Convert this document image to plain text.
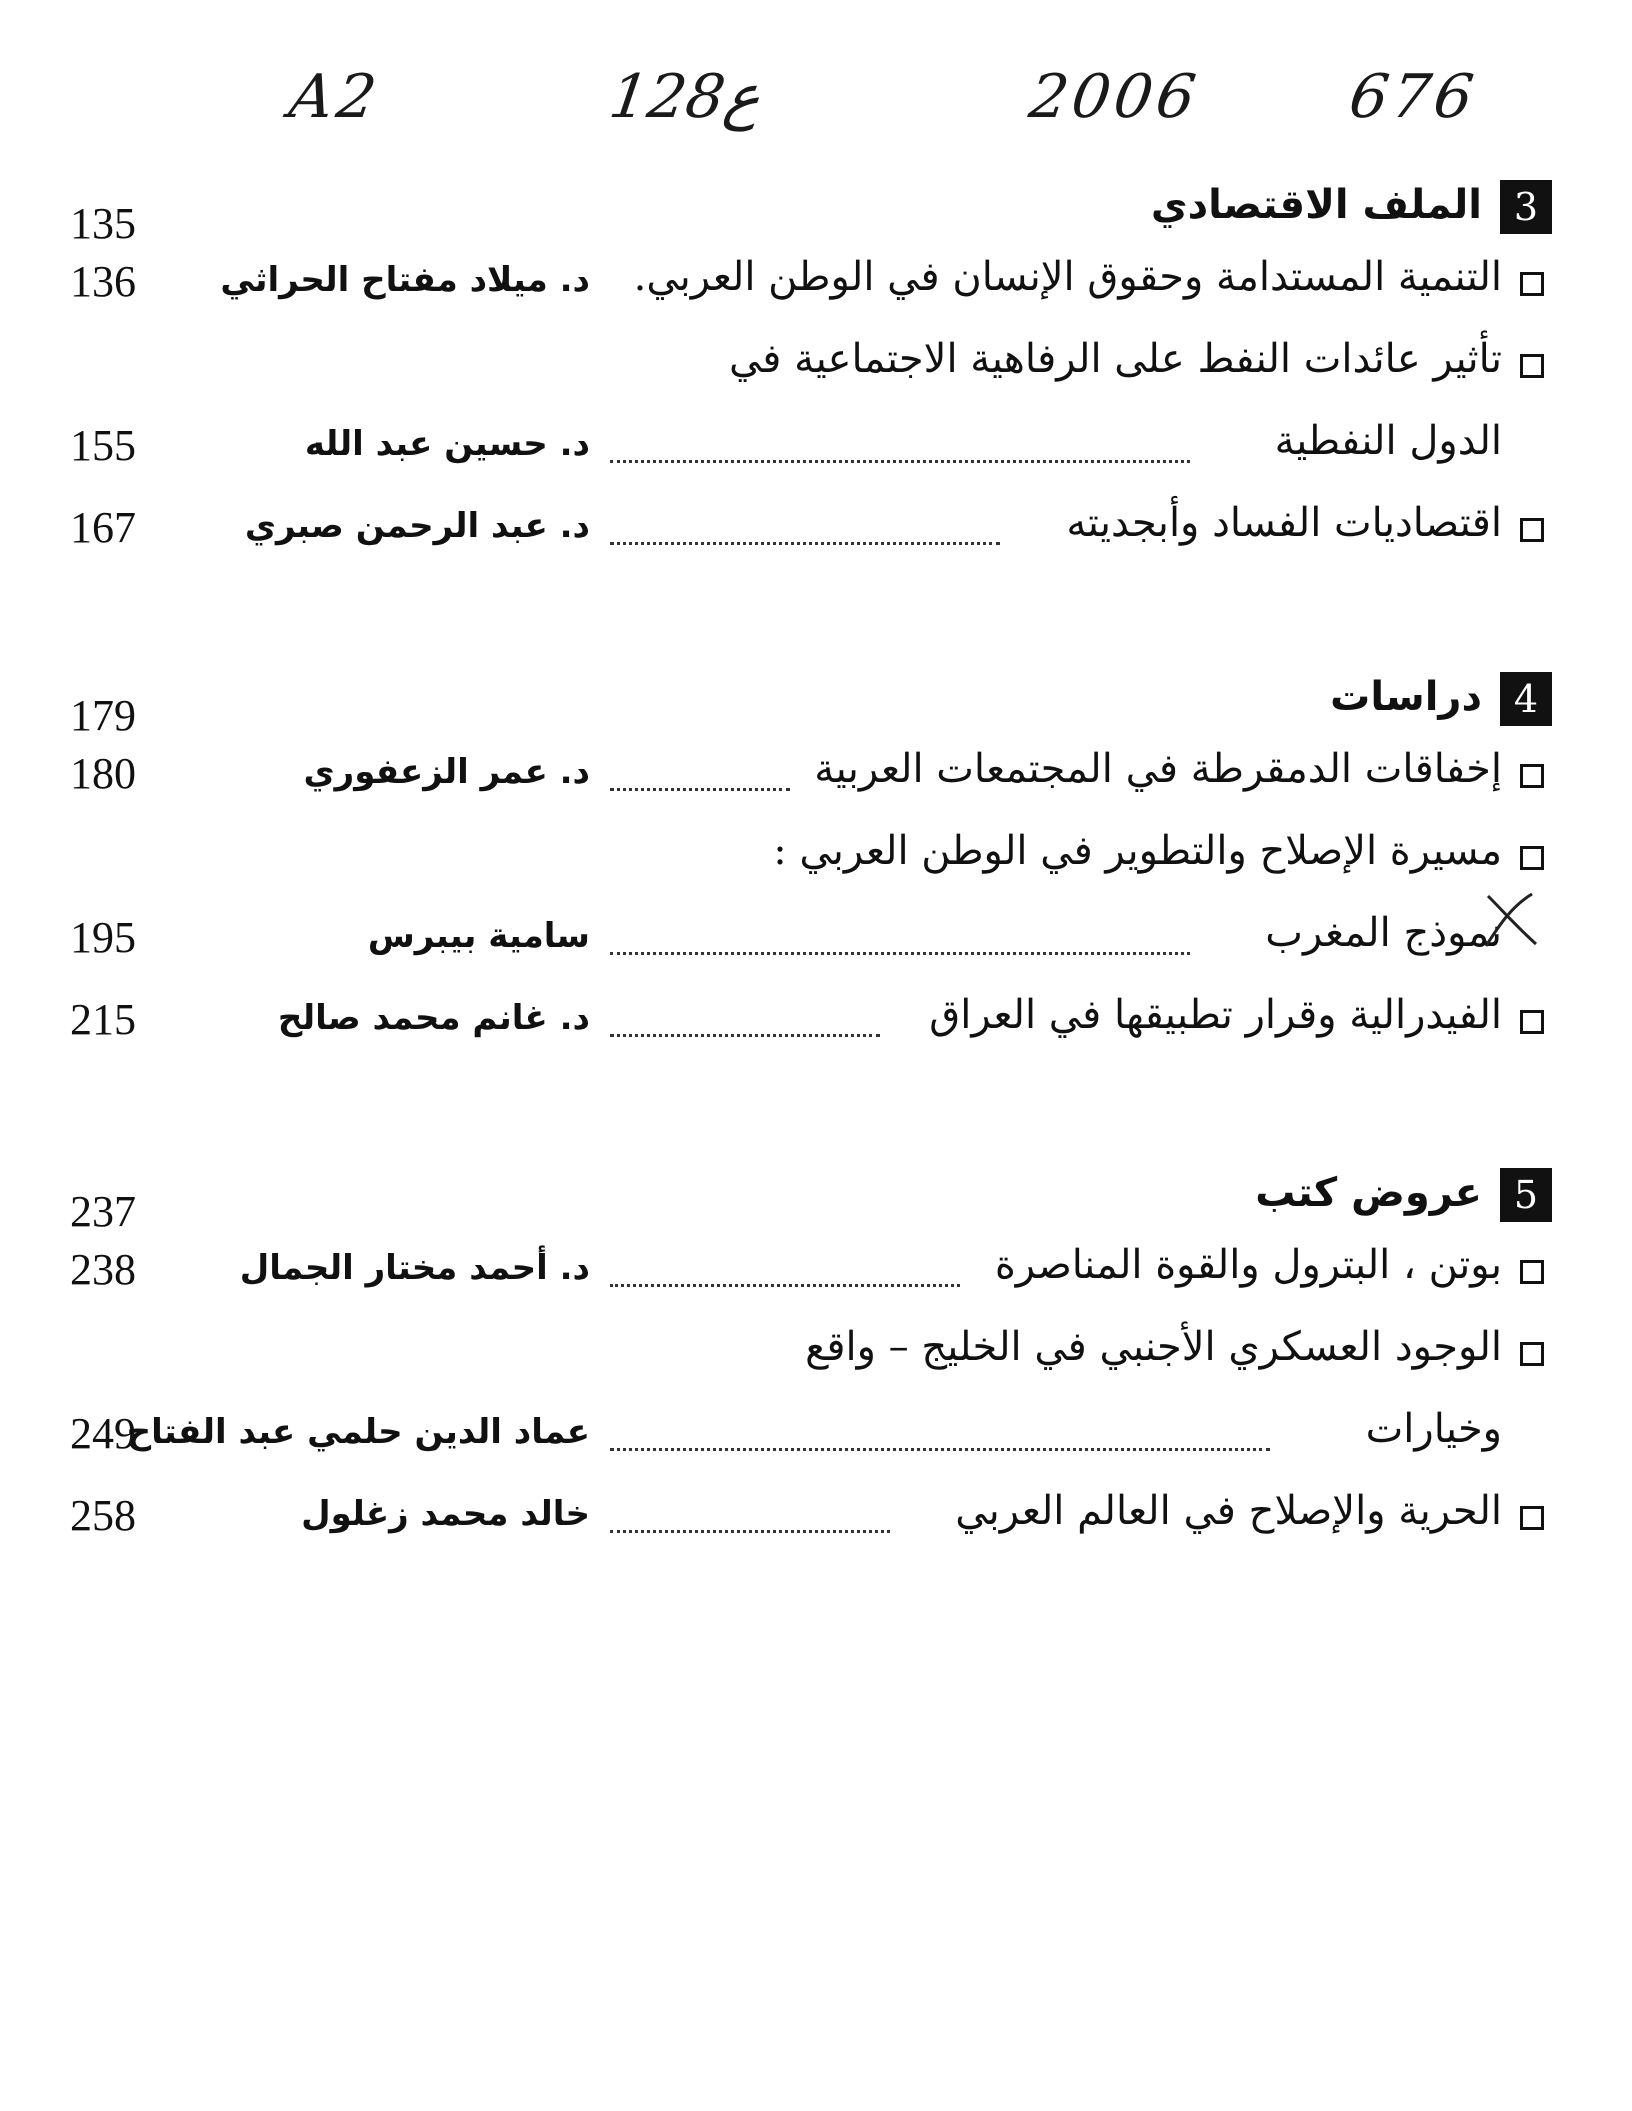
A2	128ع	2006 676
3
الملف الاقتصادي
135
التنمية المستدامة وحقوق الإنسان في الوطن العربي.
د. ميلاد مفتاح الحراثي
136
تأثير عائدات النفط على الرفاهية الاجتماعية في
الدول النفطية
د. حسين عبد الله
155
اقتصاديات الفساد وأبجديته
د. عبد الرحمن صبري
167
4
دراسات
179
إخفاقات الدمقرطة في المجتمعات العربية
د. عمر الزعفوري
180
مسيرة الإصلاح والتطوير في الوطن العربي :
نموذج المغرب
سامية بيبرس
195
الفيدرالية وقرار تطبيقها في العراق
د. غانم محمد صالح
215
5
عروض كتب
237
بوتن ، البترول والقوة المناصرة
د. أحمد مختار الجمال
238
الوجود العسكري الأجنبي في الخليج – واقع
وخيارات
عماد الدين حلمي عبد الفتاح
249
الحرية والإصلاح في العالم العربي
خالد محمد زغلول
258
